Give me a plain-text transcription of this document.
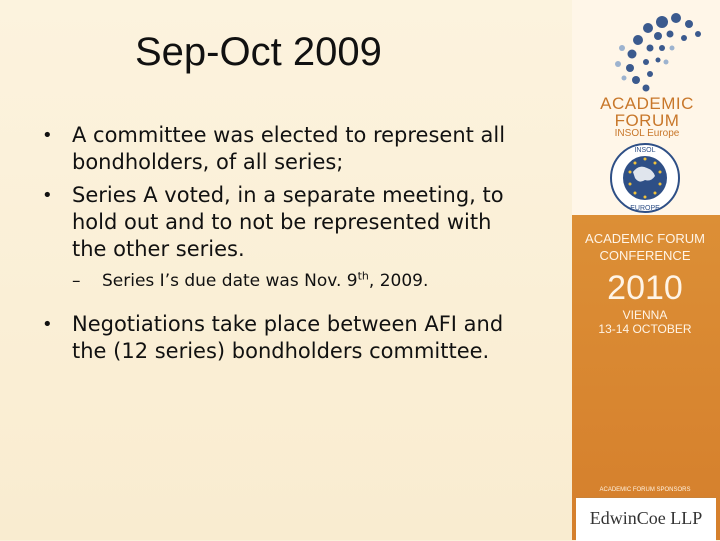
Sep-Oct 2009
• A committee was elected to represent all bondholders, of all series;
• Series A voted, in a separate meeting, to hold out and to not be represented with the other series.
– Series I’s due date was Nov. 9th, 2009.
• Negotiations take place between AFI and the (12 series) bondholders committee.
ACADEMIC
FORUM
INSOL Europe
INSOL
EUROPE
ACADEMIC FORUM
CONFERENCE
2010
VIENNA
13-14 OCTOBER
ACADEMIC FORUM SPONSORS
EdwinCoe LLP
